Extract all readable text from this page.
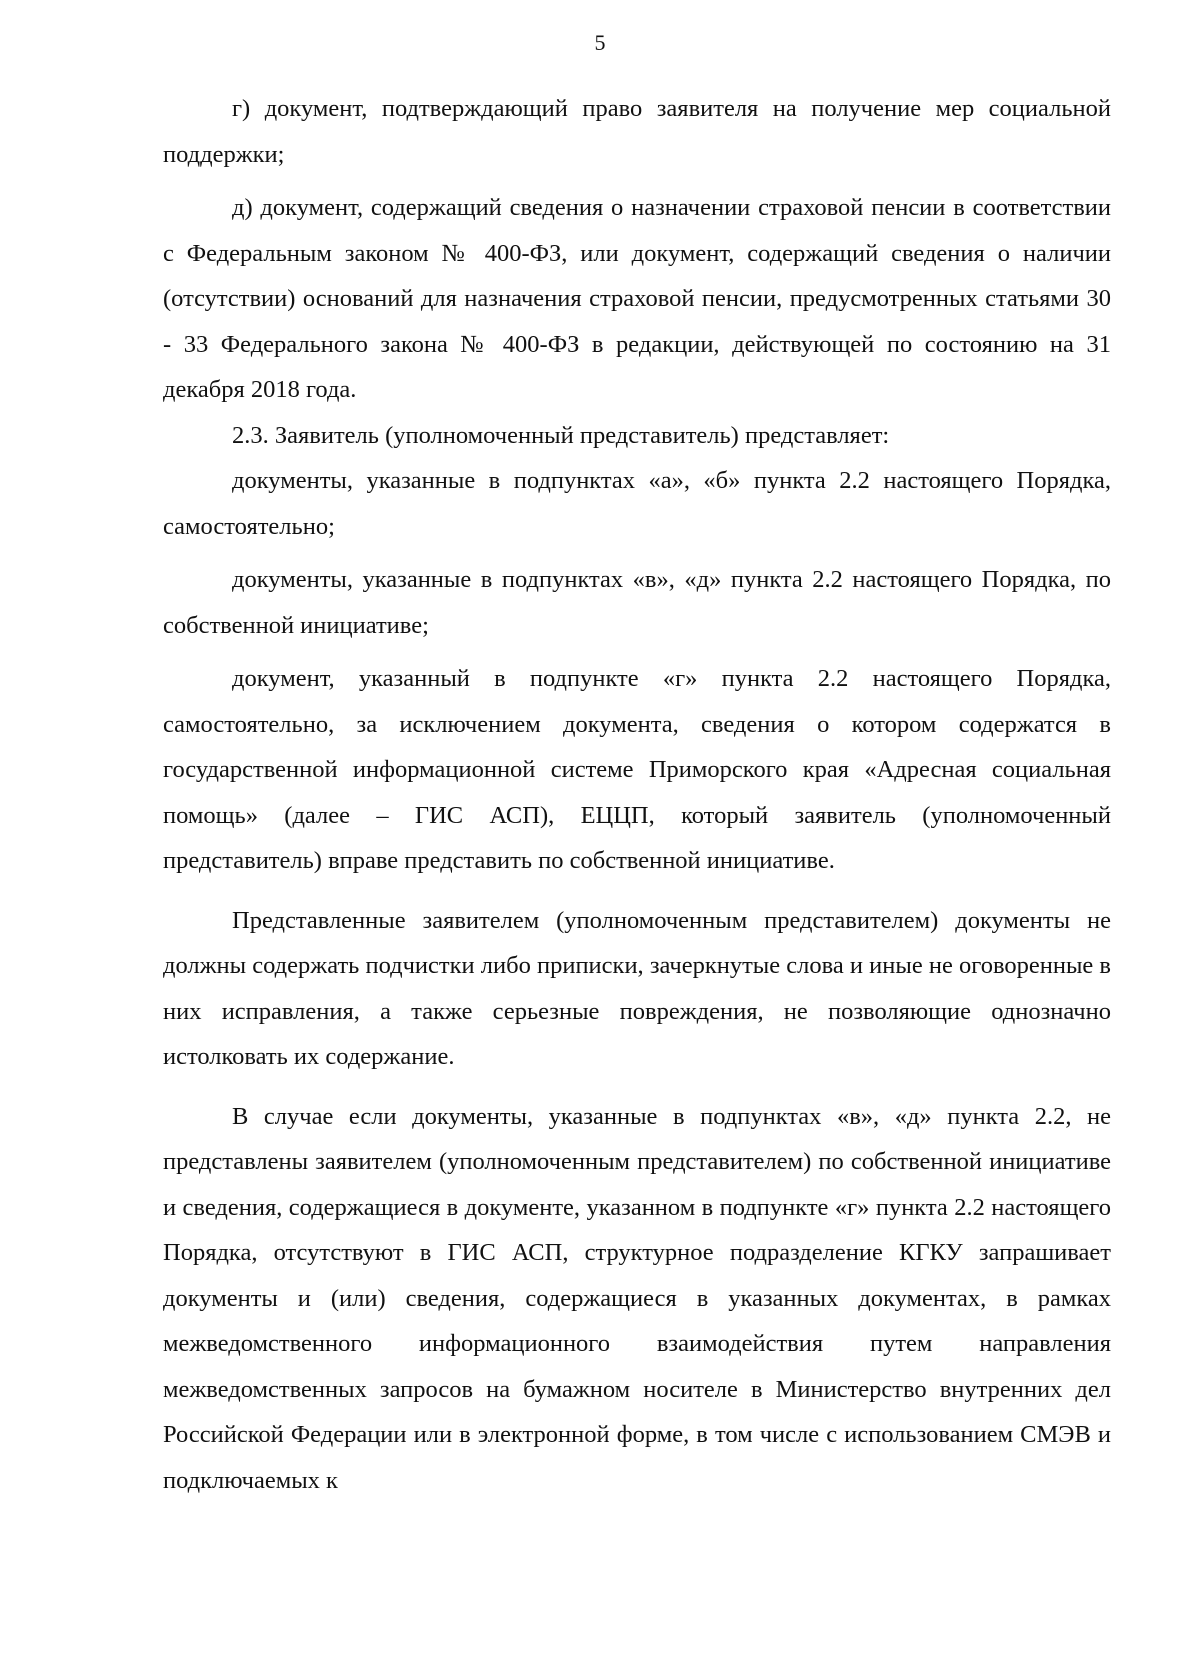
5

г) документ, подтверждающий право заявителя на получение мер социальной поддержки;

д) документ, содержащий сведения о назначении страховой пенсии в соответствии с Федеральным законом № 400-ФЗ, или документ, содержащий сведения о наличии (отсутствии) оснований для назначения страховой пенсии, предусмотренных статьями 30 - 33 Федерального закона № 400-ФЗ в редакции, действующей по состоянию на 31 декабря 2018 года.

2.3. Заявитель (уполномоченный представитель) представляет:

документы, указанные в подпунктах «а», «б» пункта 2.2 настоящего Порядка, самостоятельно;

документы, указанные в подпунктах «в», «д» пункта 2.2 настоящего Порядка, по собственной инициативе;

документ, указанный в подпункте «г» пункта 2.2 настоящего Порядка, самостоятельно, за исключением документа, сведения о котором содержатся в государственной информационной системе Приморского края «Адресная социальная помощь» (далее – ГИС АСП), ЕЦЦП, который заявитель (уполномоченный представитель) вправе представить по собственной инициативе.

Представленные заявителем (уполномоченным представителем) документы не должны содержать подчистки либо приписки, зачеркнутые слова и иные не оговоренные в них исправления, а также серьезные повреждения, не позволяющие однозначно истолковать их содержание.

В случае если документы, указанные в подпунктах «в», «д» пункта 2.2, не представлены заявителем (уполномоченным представителем) по собственной инициативе и сведения, содержащиеся в документе, указанном в подпункте «г» пункта 2.2 настоящего Порядка, отсутствуют в ГИС АСП, структурное подразделение КГКУ запрашивает документы и (или) сведения, содержащиеся в указанных документах, в рамках межведомственного информационного взаимодействия путем направления межведомственных запросов на бумажном носителе в Министерство внутренних дел Российской Федерации или в электронной форме, в том числе с использованием СМЭВ и подключаемых к
